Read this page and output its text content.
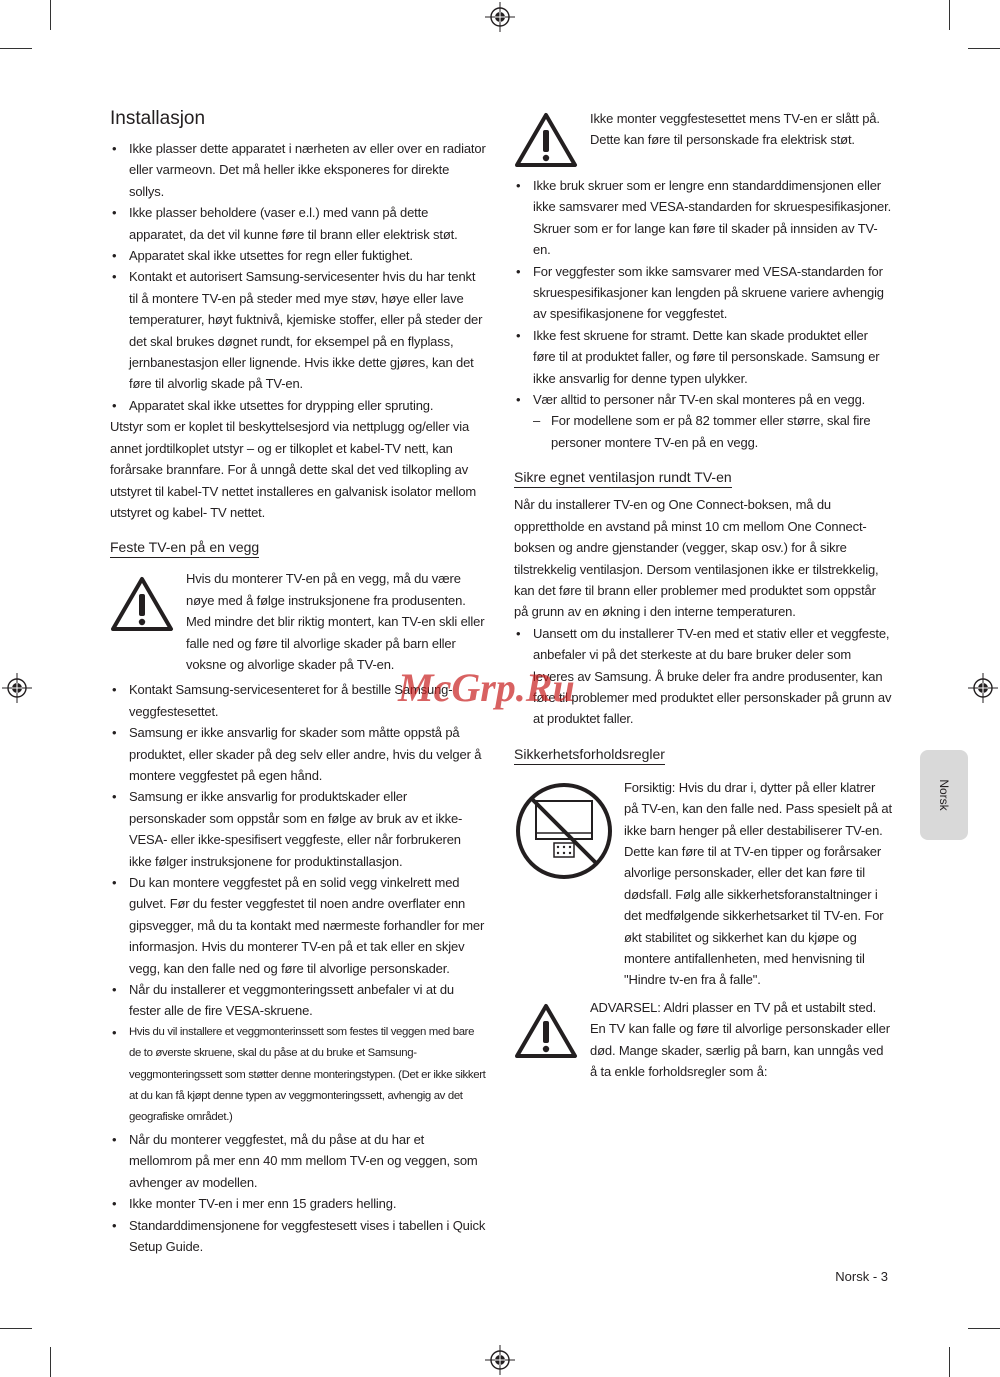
Installasjon
• Ikke plasser dette apparatet i nærheten av eller over en radiator eller varmeovn. Det må heller ikke eksponeres for direkte sollys.
• Ikke plasser beholdere (vaser e.l.) med vann på dette apparatet, da det vil kunne føre til brann eller elektrisk støt.
• Apparatet skal ikke utsettes for regn eller fuktighet.
• Kontakt et autorisert Samsung-servicesenter hvis du har tenkt til å montere TV-en på steder med mye støv, høye eller lave temperaturer, høyt fuktnivå, kjemiske stoffer, eller på steder der det skal brukes døgnet rundt, for eksempel på en flyplass, jernbanestasjon eller lignende. Hvis ikke dette gjøres, kan det føre til alvorlig skade på TV-en.
• Apparatet skal ikke utsettes for drypping eller spruting.

Utstyr som er koplet til beskyttelsesjord via nettplugg og/eller via annet jordtilkoplet utstyr – og er tilkoplet et kabel-TV nett, kan forårsake brannfare. For å unngå dette skal det ved tilkopling av utstyret til kabel-TV nettet installeres en galvanisk isolator mellom utstyret og kabel- TV nettet.

Feste TV-en på en vegg

Hvis du monterer TV-en på en vegg, må du være nøye med å følge instruksjonene fra produsenten. Med mindre det blir riktig montert, kan TV-en skli eller falle ned og føre til alvorlige skader på barn eller voksne og alvorlige skader på TV-en.

• Kontakt Samsung-servicesenteret for å bestille Samsung-veggfestesettet.
• Samsung er ikke ansvarlig for skader som måtte oppstå på produktet, eller skader på deg selv eller andre, hvis du velger å montere veggfestet på egen hånd.
• Samsung er ikke ansvarlig for produktskader eller personskader som oppstår som en følge av bruk av et ikke-VESA- eller ikke-spesifisert veggfeste, eller når forbrukeren ikke følger instruksjonene for produktinstallasjon.
• Du kan montere veggfestet på en solid vegg vinkelrett med gulvet. Før du fester veggfestet til noen andre overflater enn gipsvegger, må du ta kontakt med nærmeste forhandler for mer informasjon. Hvis du monterer TV-en på et tak eller en skjev vegg, kan den falle ned og føre til alvorlige personskader.
• Når du installerer et veggmonteringssett anbefaler vi at du fester alle de fire VESA-skruene.
• Hvis du vil installere et veggmonterinssett som festes til veggen med bare de to øverste skruene, skal du påse at du bruke et Samsung-veggmonteringssett som støtter denne monteringstypen. (Det er ikke sikkert at du kan få kjøpt denne typen av veggmonteringssett, avhengig av det geografiske området.)
• Når du monterer veggfestet, må du påse at du har et mellomrom på mer enn 40 mm mellom TV-en og veggen, som avhenger av modellen.
• Ikke monter TV-en i mer enn 15 graders helling.
• Standarddimensjonene for veggfestesett vises i tabellen i Quick Setup Guide.

Ikke monter veggfestesettet mens TV-en er slått på. Dette kan føre til personskade fra elektrisk støt.

• Ikke bruk skruer som er lengre enn standarddimensjonen eller ikke samsvarer med VESA-standarden for skruespesifikasjoner. Skruer som er for lange kan føre til skader på innsiden av TV-en.
• For veggfester som ikke samsvarer med VESA-standarden for skruespesifikasjoner kan lengden på skruene variere avhengig av spesifikasjonene for veggfestet.
• Ikke fest skruene for stramt. Dette kan skade produktet eller føre til at produktet faller, og føre til personskade. Samsung er ikke ansvarlig for denne typen ulykker.
• Vær alltid to personer når TV-en skal monteres på en vegg.
– For modellene som er på 82 tommer eller større, skal fire personer montere TV-en på en vegg.
Sikre egnet ventilasjon rundt TV-en

Når du installerer TV-en og One Connect-boksen, må du opprettholde en avstand på minst 10 cm mellom One Connect-boksen og andre gjenstander (vegger, skap osv.) for å sikre tilstrekkelig ventilasjon. Dersom ventilasjonen ikke er tilstrekkelig, kan det føre til brann eller problemer med produktet som oppstår på grunn av en økning i den interne temperaturen.

• Uansett om du installerer TV-en med et stativ eller et veggfeste, anbefaler vi på det sterkeste at du bare bruker deler som leveres av Samsung. Å bruke deler fra andre produsenter, kan føre til problemer med produktet eller personskader på grunn av at produktet faller.
Sikkerhetsforholdsregler

Forsiktig: Hvis du drar i, dytter på eller klatrer på TV-en, kan den falle ned. Pass spesielt på at ikke barn henger på eller destabiliserer TV-en. Dette kan føre til at TV-en tipper og forårsaker alvorlige personskader, eller det kan føre til dødsfall. Følg alle sikkerhetsforanstaltninger i det medfølgende sikkerhetsarket til TV-en. For økt stabilitet og sikkerhet kan du kjøpe og montere antifallenheten, med henvisning til "Hindre tv-en fra å falle".

ADVARSEL: Aldri plasser en TV på et ustabilt sted. En TV kan falle og føre til alvorlige personskader eller død. Mange skader, særlig på barn, kan unngås ved å ta enkle forholdsregler som å:

Norsk
McGrp.Ru
Norsk - 3
